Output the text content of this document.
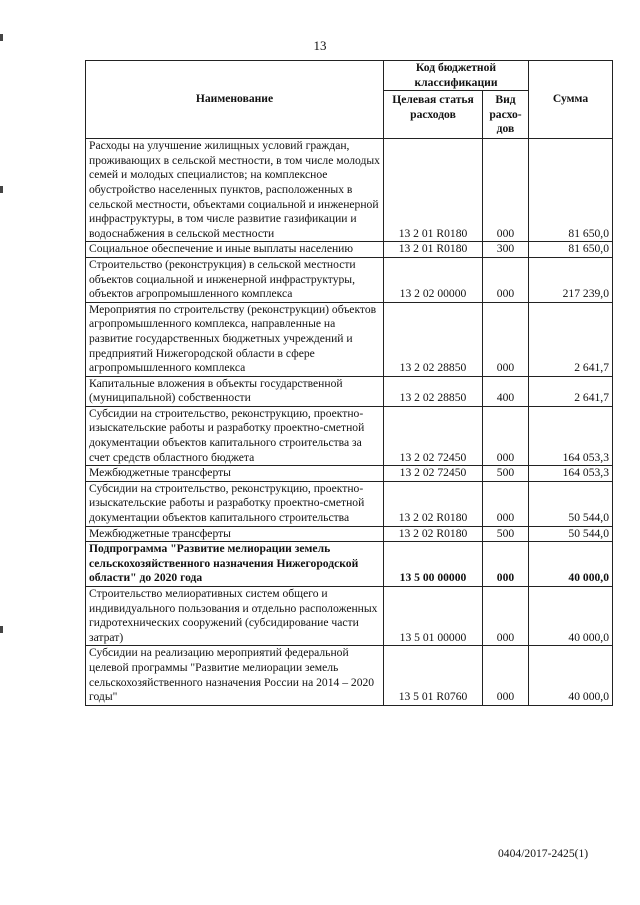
13
Наименование	Код бюджетной классификации		Сумма
	Целевая статья расходов	Вид расхо-дов	
Расходы на улучшение жилищных условий граждан, проживающих в сельской местности, в том числе молодых семей и молодых специалистов; на комплексное обустройство населенных пунктов, расположенных в сельской местности, объектами социальной и инженерной инфраструктуры, в том числе развитие газификации и водоснабжения в сельской местности	13 2 01 R0180	000	81 650,0
Социальное обеспечение и иные выплаты населению	13 2 01 R0180	300	81 650,0
Строительство (реконструкция) в сельской местности объектов социальной и инженерной инфраструктуры, объектов агропромышленного комплекса	13 2 02 00000	000	217 239,0
Мероприятия по строительству (реконструкции) объектов агропромышленного комплекса, направленные на развитие государственных бюджетных учреждений и предприятий Нижегородской области в сфере агропромышленного комплекса	13 2 02 28850	000	2 641,7
Капитальные вложения в объекты государственной (муниципальной) собственности	13 2 02 28850	400	2 641,7
Субсидии на строительство, реконструкцию, проектно-изыскательские работы и разработку проектно-сметной документации объектов капитального строительства за счет средств областного бюджета	13 2 02 72450	000	164 053,3
Межбюджетные трансферты	13 2 02 72450	500	164 053,3
Субсидии на строительство, реконструкцию, проектно-изыскательские работы и разработку проектно-сметной документации объектов капитального строительства	13 2 02 R0180	000	50 544,0
Межбюджетные трансферты	13 2 02 R0180	500	50 544,0
Подпрограмма "Развитие мелиорации земель сельскохозяйственного назначения Нижегородской области" до 2020 года	13 5 00 00000	000	40 000,0
Строительство мелиоративных систем общего и индивидуального пользования и отдельно расположенных гидротехнических сооружений (субсидирование части затрат)	13 5 01 00000	000	40 000,0
Субсидии на реализацию мероприятий федеральной целевой программы "Развитие мелиорации земель сельскохозяйственного назначения России на 2014 – 2020 годы"	13 5 01 R0760	000	40 000,0
0404/2017-2425(1)
